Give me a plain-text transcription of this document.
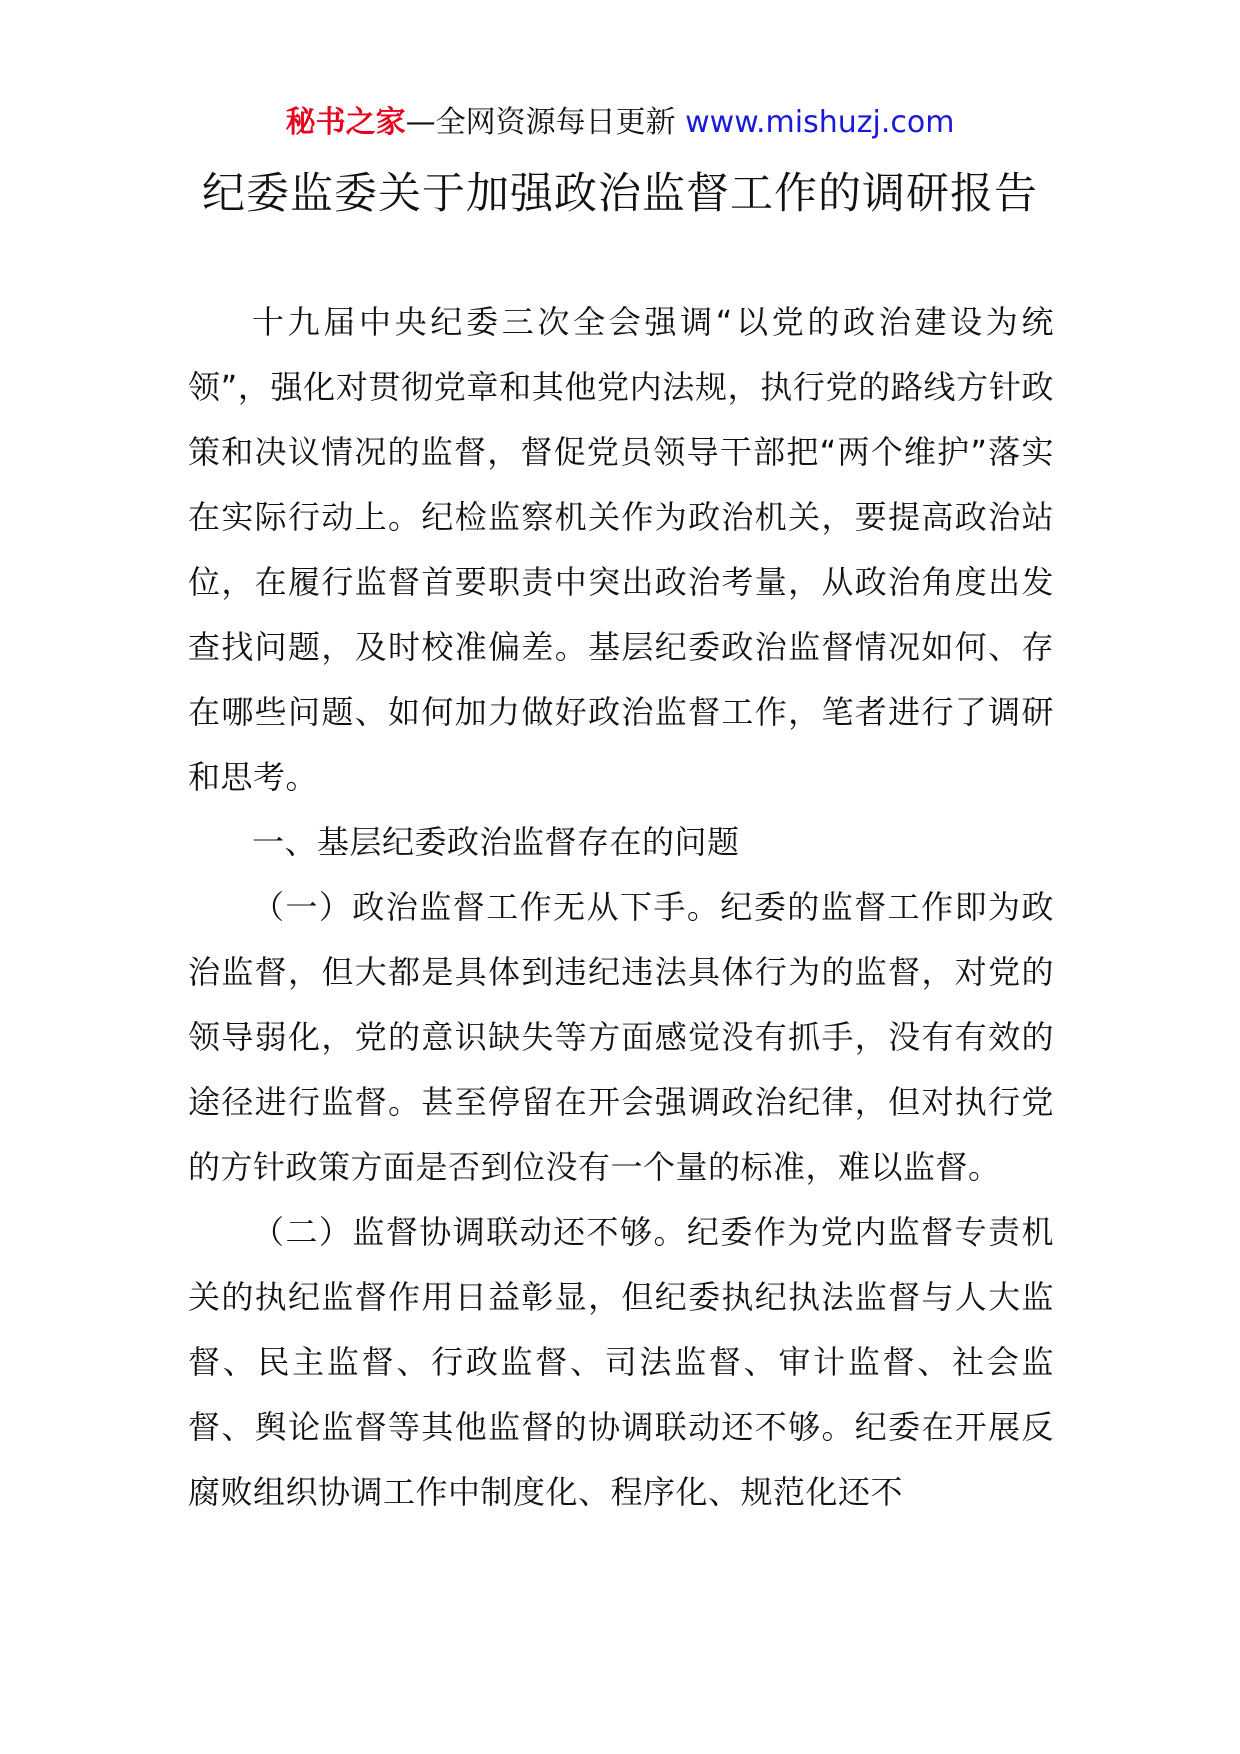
秘书之家—全网资源每日更新 www.mishuzj.com
纪委监委关于加强政治监督工作的调研报告

十九届中央纪委三次全会强调“以党的政治建设为统领”，强化对贯彻党章和其他党内法规，执行党的路线方针政策和决议情况的监督，督促党员领导干部把“两个维护”落实在实际行动上。纪检监察机关作为政治机关，要提高政治站位，在履行监督首要职责中突出政治考量，从政治角度出发查找问题，及时校准偏差。基层纪委政治监督情况如何、存在哪些问题、如何加力做好政治监督工作，笔者进行了调研和思考。

一、基层纪委政治监督存在的问题

（一）政治监督工作无从下手。纪委的监督工作即为政治监督，但大都是具体到违纪违法具体行为的监督，对党的领导弱化，党的意识缺失等方面感觉没有抓手，没有有效的途径进行监督。甚至停留在开会强调政治纪律，但对执行党的方针政策方面是否到位没有一个量的标准，难以监督。

（二）监督协调联动还不够。纪委作为党内监督专责机关的执纪监督作用日益彰显，但纪委执纪执法监督与人大监督、民主监督、行政监督、司法监督、审计监督、社会监督、舆论监督等其他监督的协调联动还不够。纪委在开展反腐败组织协调工作中制度化、程序化、规范化还不
